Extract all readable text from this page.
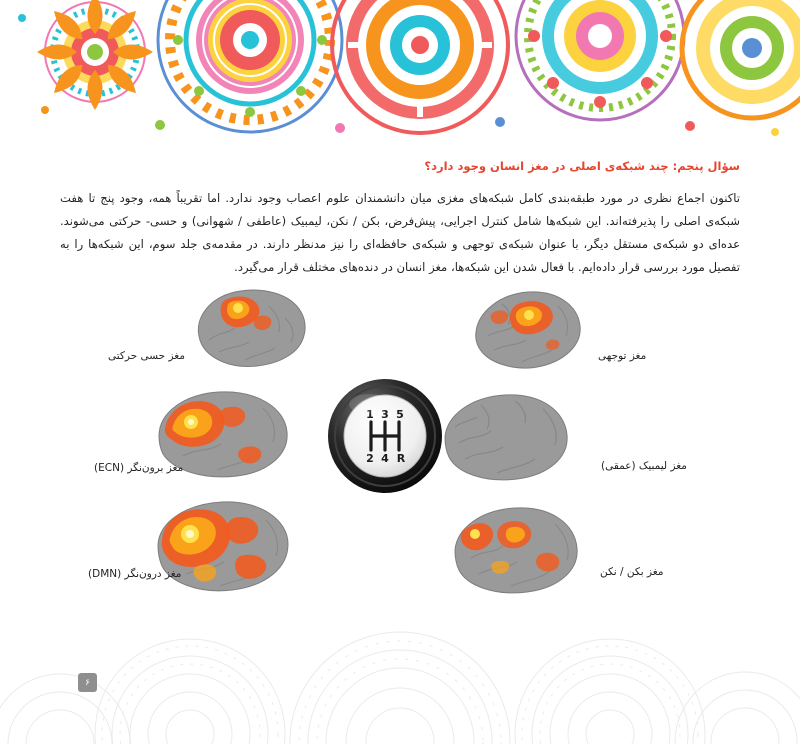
سؤال پنجم: چند شبکه‌ی اصلی در مغز انسان وجود دارد؟

تاکنون اجماع نظری در مورد طبقه‌بندی کامل شبکه‌های مغزی میان دانشمندان علوم اعصاب وجود ندارد. اما تقریباً همه، وجود پنج تا هفت شبکه‌ی اصلی را پذیرفته‌اند. این شبکه‌ها شامل کنترل اجرایی، پیش‌فرض، بکن / نکن، لیمبیک (عاطفی / شهوانی) و حسی- حرکتی می‌شوند. عده‌ای دو شبکه‌ی مستقل دیگر، با عنوان شبکه‌ی توجهی و شبکه‌ی حافظه‌ای را نیز مدنظر دارند. در مقدمه‌ی جلد سوم، این شبکه‌ها را به تفصیل مورد بررسی قرار داده‌ایم. با فعال شدن این شبکه‌ها، مغز انسان در دنده‌های مختلف قرار می‌گیرد.

1 3 5
2 4 R
مغز حسی حرکتی	مغز توجهی
مغز برون‌نگر (ECN)	مغز لیمبیک (عمقی)
مغز درون‌نگر (DMN)	مغز بکن / نکن
۶
